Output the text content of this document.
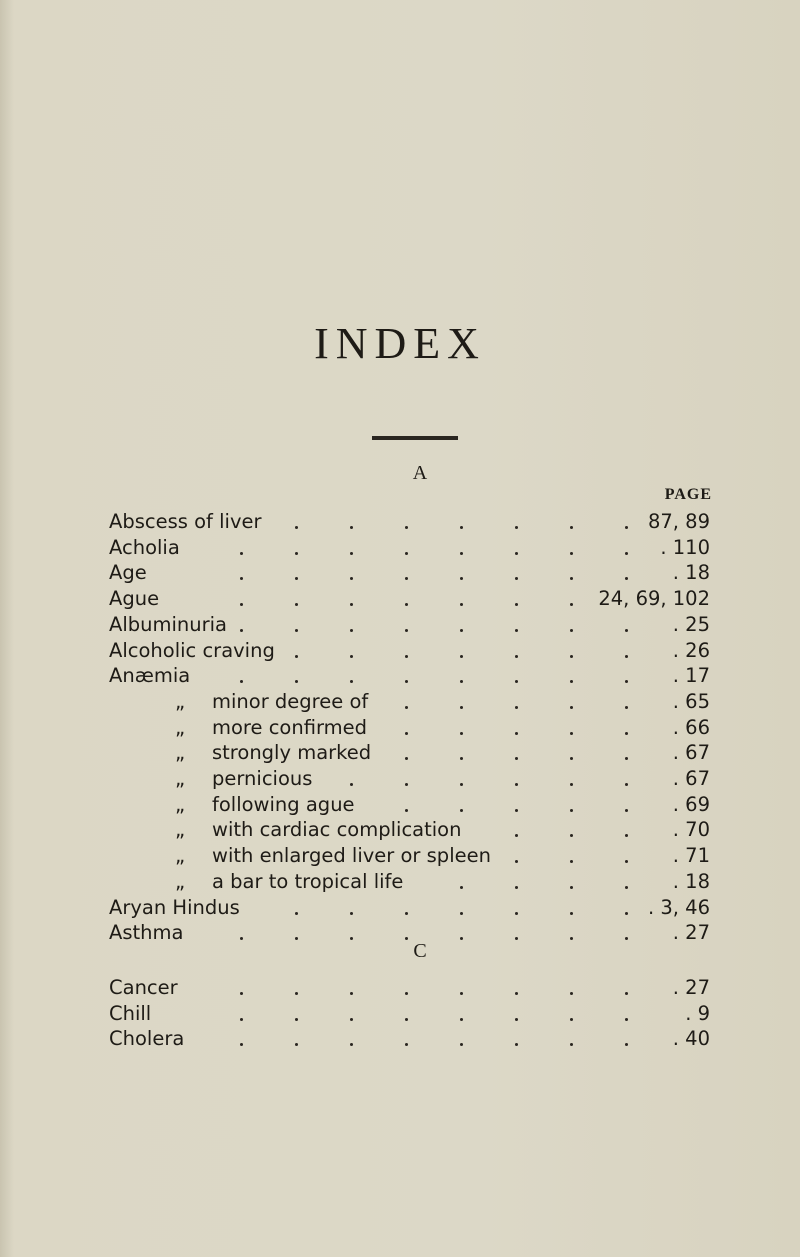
INDEX
A
PAGE
C
Abscess of liver	87, 89
Acholia	. 110
Age	. 18
Ague	24, 69, 102
Albuminuria	. 25
Alcoholic craving	. 26
Anæmia	. 17
„ minor degree of	. 65
„ more confirmed	. 66
„ strongly marked	. 67
„ pernicious	. 67
„ following ague	. 69
„ with cardiac complication	. 70
„ with enlarged liver or spleen	. 71
„ a bar to tropical life	. 18
Aryan Hindus	. 3, 46
Asthma	. 27
Cancer	. 27
Chill	. 9
Cholera	. 40
